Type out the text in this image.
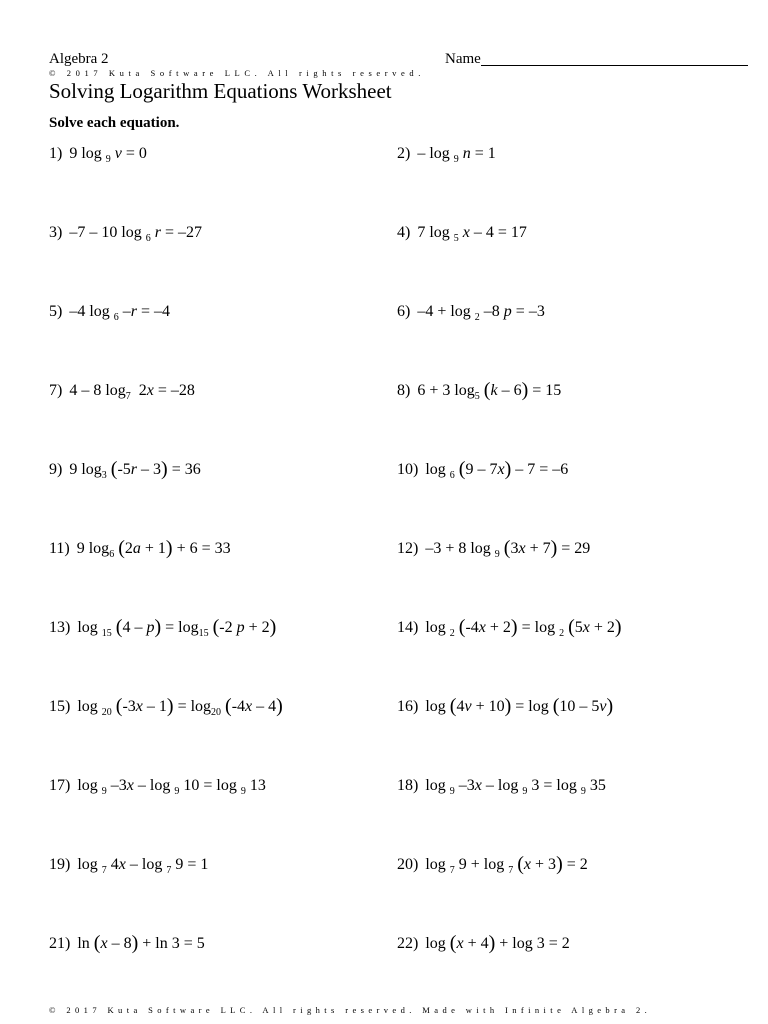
Algebra 2	Name
© 2017 Kuta Software LLC. All rights reserved.
Solving Logarithm Equations Worksheet
Solve each equation.
1) 9 log $_9$ v = 0	2) – log $_9$ n = 1
3) –7 – 10 log $_6$ r = –27	4) 7 log $_5$ x – 4 = 17
5) –4 log $_6$ –r = –4	6) –4 + log $_2$ –8 p = –3
7) 4 – 8 $\log_7 2x = -28$	8) 6 + 3 $\log_5 (k - 6) = 15$
9) 9 $\log_3 (-5r - 3) = 36$	10) log $_6$ (9 – 7x) – 7 = –6
11) 9 $\log_6 (2a + 1) + 6 = 33$	12) –3 + 8 log $_9$ (3x + 7) = 29
13) log $_{15}$ $(4 - p) = \log_{15} (-2$ p + 2)	14) log $_2$ (-4x + 2) = log $_2$ (5x + 2)
15) log $_{20}$ $(-3x - 1) = \log_{20} (-4x - 4)$	16) log (4v + 10) = log (10 – 5v)
17) log $_9$ –3x – log $_9$ 10 = log $_9$ 13	18) log $_9$ –3x – log $_9$ 3 = log $_9$ 35
19) log $_7$ 4x – log $_7$ 9 = 1	20) log $_7$ 9 + log $_7$ (x + 3) = 2
21) ln (x – 8) + ln 3 = 5	22) log (x + 4) + log 3 = 2
© 2017 Kuta Software LLC. All rights reserved. Made with Infinite Algebra 2.
